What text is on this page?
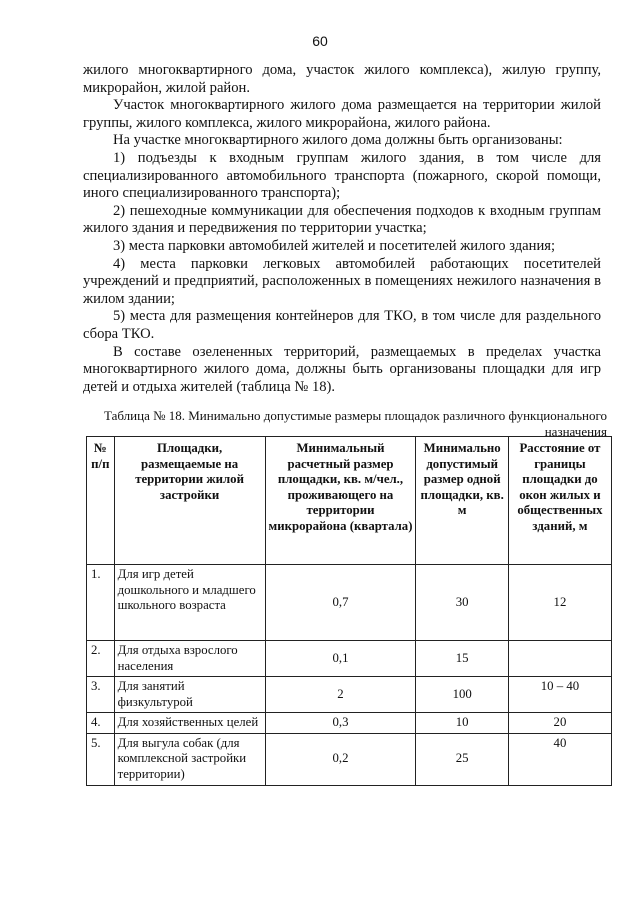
60

жилого многоквартирного дома, участок жилого комплекса), жилую группу, микрорайон, жилой район.

Участок многоквартирного жилого дома размещается на территории жилой группы, жилого комплекса, жилого микрорайона, жилого района.

На участке многоквартирного жилого дома должны быть организованы:

1) подъезды к входным группам жилого здания, в том числе для специализированного автомобильного транспорта (пожарного, скорой помощи, иного специализированного транспорта);

2) пешеходные коммуникации для обеспечения подходов к входным группам жилого здания и передвижения по территории участка;

3) места парковки автомобилей жителей и посетителей жилого здания;

4) места парковки легковых автомобилей работающих посетителей учреждений и предприятий, расположенных в помещениях нежилого назначения в жилом здании;

5) места для размещения контейнеров для ТКО, в том числе для раздельного сбора ТКО.

В составе озелененных территорий, размещаемых в пределах участка многоквартирного жилого дома, должны быть организованы площадки для игр детей и отдыха жителей (таблица № 18).

Таблица № 18. Минимально допустимые размеры площадок различного функционального назначения
№ п/п	Площадки, размещаемые на территории жилой застройки	Минимальный расчетный размер площадки, кв. м/чел., проживающего на территории микрорайона (квартала)	Минимально допустимый размер одной площадки, кв. м	Расстояние от границы площадки до окон жилых и общественных зданий, м
1.	Для игр детей дошкольного и младшего школьного возраста	0,7	30	12
2.	Для отдыха взрослого населения	0,1	15	
3.	Для занятий физкультурой	2	100	10 – 40
4.	Для хозяйственных целей	0,3	10	20
5.	Для выгула собак (для комплексной застройки территории)	0,2	25	40
